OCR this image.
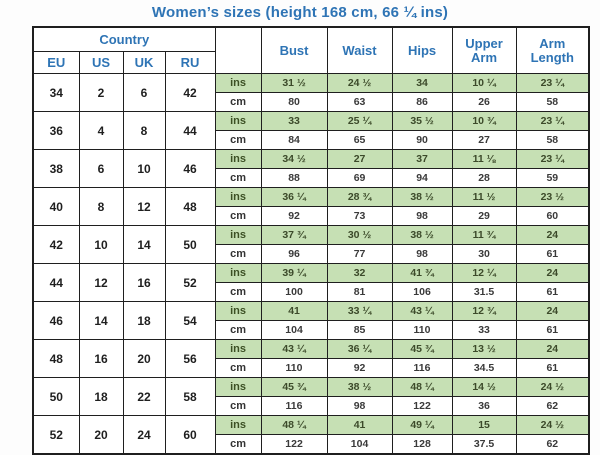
Women’s sizes (height 168 cm, 66 ¼ ins)
Country					Bust	Waist	Hips	Upper Arm	Arm Length
EU	US	UK	RU						
34	2	6	42	ins	31 ½	24 ½	34	10 ¼	23 ¼
				cm	80	63	86	26	58
36	4	8	44	ins	33	25 ¼	35 ½	10 ¾	23 ¼
				cm	84	65	90	27	58
38	6	10	46	ins	34 ½	27	37	11 ⅛	23 ¼
				cm	88	69	94	28	59
40	8	12	48	ins	36 ¼	28 ¾	38 ½	11 ½	23 ½
				cm	92	73	98	29	60
42	10	14	50	ins	37 ¾	30 ½	38 ½	11 ¾	24
				cm	96	77	98	30	61
44	12	16	52	ins	39 ¼	32	41 ¾	12 ¼	24
				cm	100	81	106	31.5	61
46	14	18	54	ins	41	33 ¼	43 ¼	12 ¾	24
				cm	104	85	110	33	61
48	16	20	56	ins	43 ¼	36 ¼	45 ¾	13 ½	24
				cm	110	92	116	34.5	61
50	18	22	58	ins	45 ¾	38 ½	48 ¼	14 ½	24 ½
				cm	116	98	122	36	62
52	20	24	60	ins	48 ¼	41	49 ¼	15	24 ½
				cm	122	104	128	37.5	62
